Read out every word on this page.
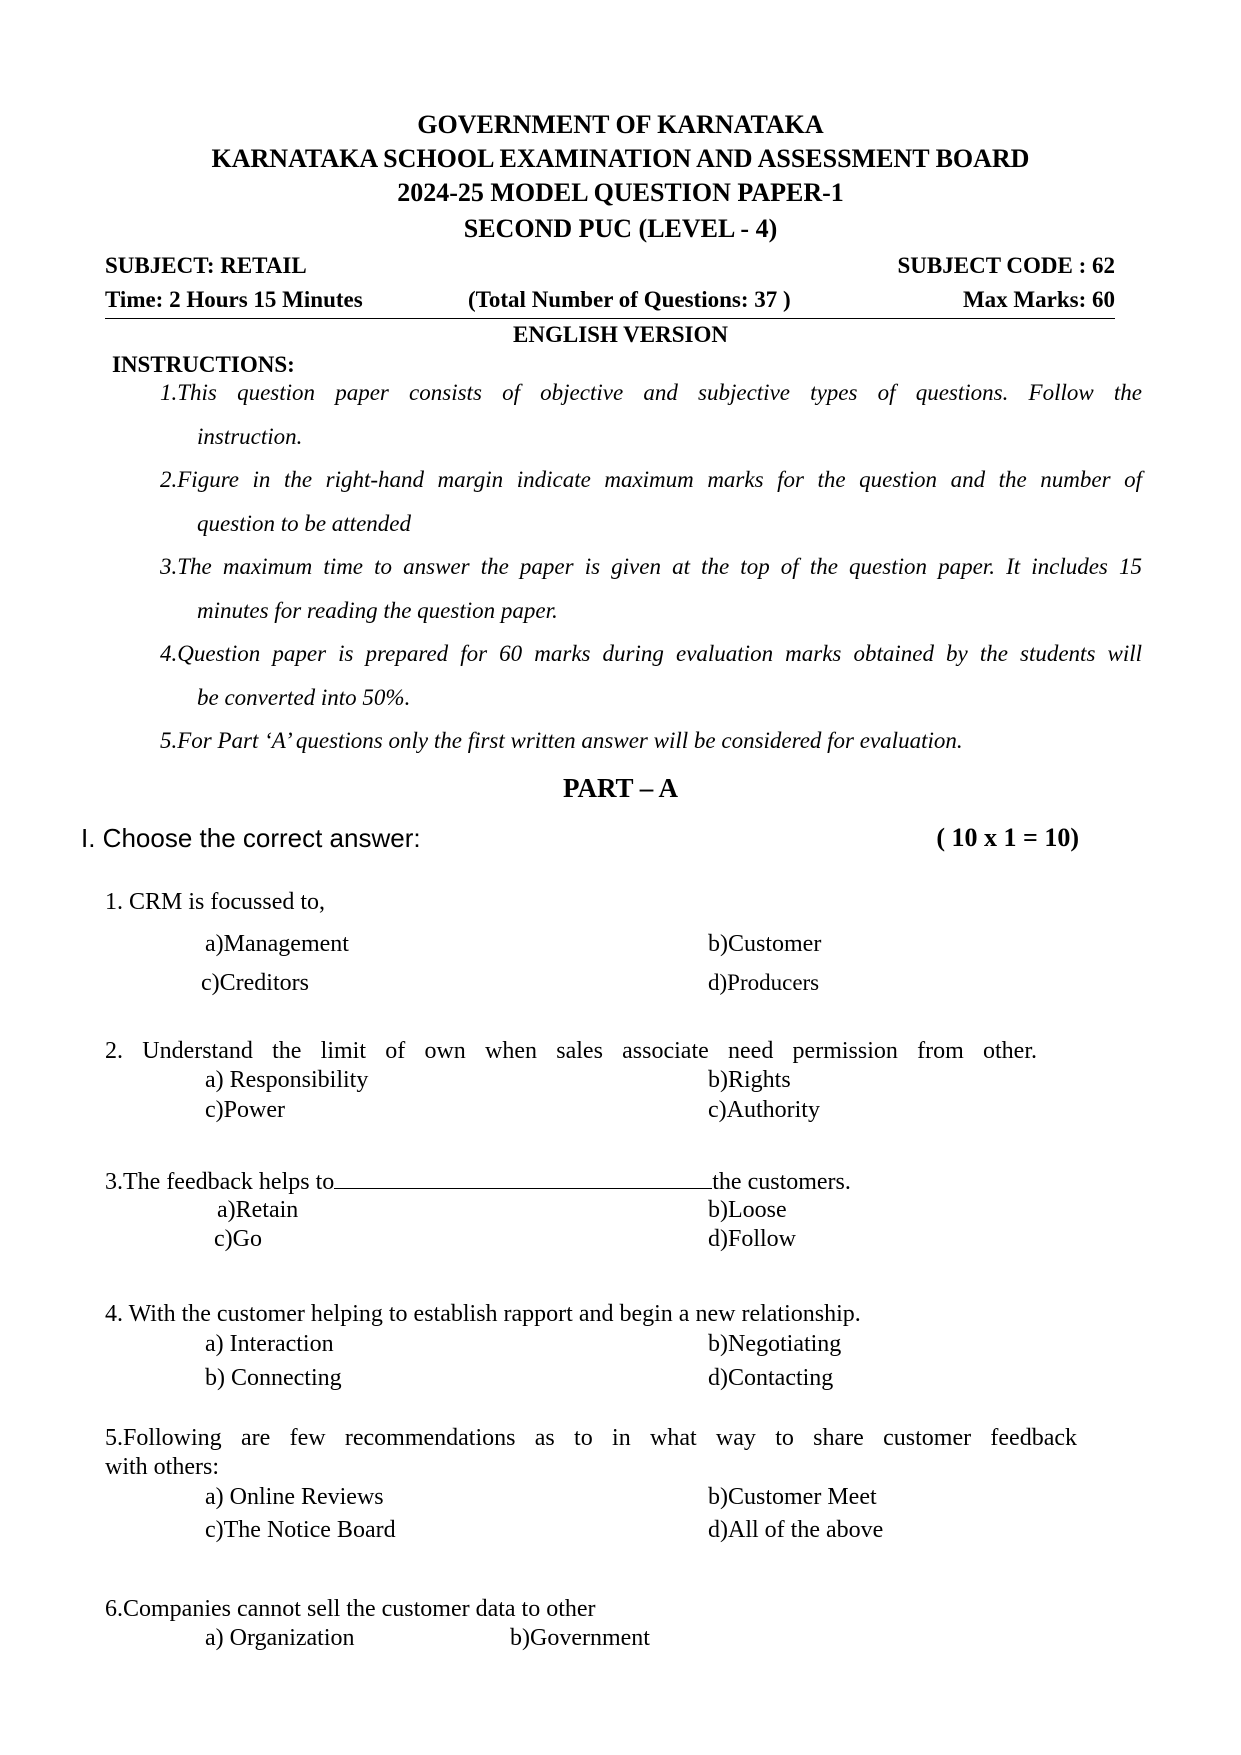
GOVERNMENT OF KARNATAKA
KARNATAKA SCHOOL EXAMINATION AND ASSESSMENT BOARD
2024-25 MODEL QUESTION PAPER-1
SECOND PUC (LEVEL - 4)
SUBJECT: RETAIL	SUBJECT CODE : 62
Time: 2 Hours 15 Minutes	(Total Number of Questions: 37 )	Max Marks: 60
ENGLISH VERSION
INSTRUCTIONS:
1.This question paper consists of objective and subjective types of questions. Follow the
instruction.
2.Figure in the right-hand margin indicate maximum marks for the question and the number of
question to be attended
3.The maximum time to answer the paper is given at the top of the question paper. It includes 15
minutes for reading the question paper.
4.Question paper is prepared for 60 marks during evaluation marks obtained by the students will
be converted into 50%.
5.For Part ‘A’ questions only the first written answer will be considered for evaluation.
PART – A
I. Choose the correct answer:	( 10 x 1 = 10)
1. CRM is focussed to,
a)Management	b)Customer
c)Creditors	d)Producers
2. Understand the limit of own when sales associate need permission from other.
a) Responsibility	b)Rights
c)Power	c)Authority
3.The feedback helps to	the customers.
a)Retain	b)Loose
c)Go	d)Follow
4. With the customer helping to establish rapport and begin a new relationship.
a) Interaction	b)Negotiating
b) Connecting	d)Contacting
5.Following are few recommendations as to in what way to share customer feedback
with others:
a) Online Reviews	b)Customer Meet
c)The Notice Board	d)All of the above
6.Companies cannot sell the customer data to other
a) Organization	b)Government
